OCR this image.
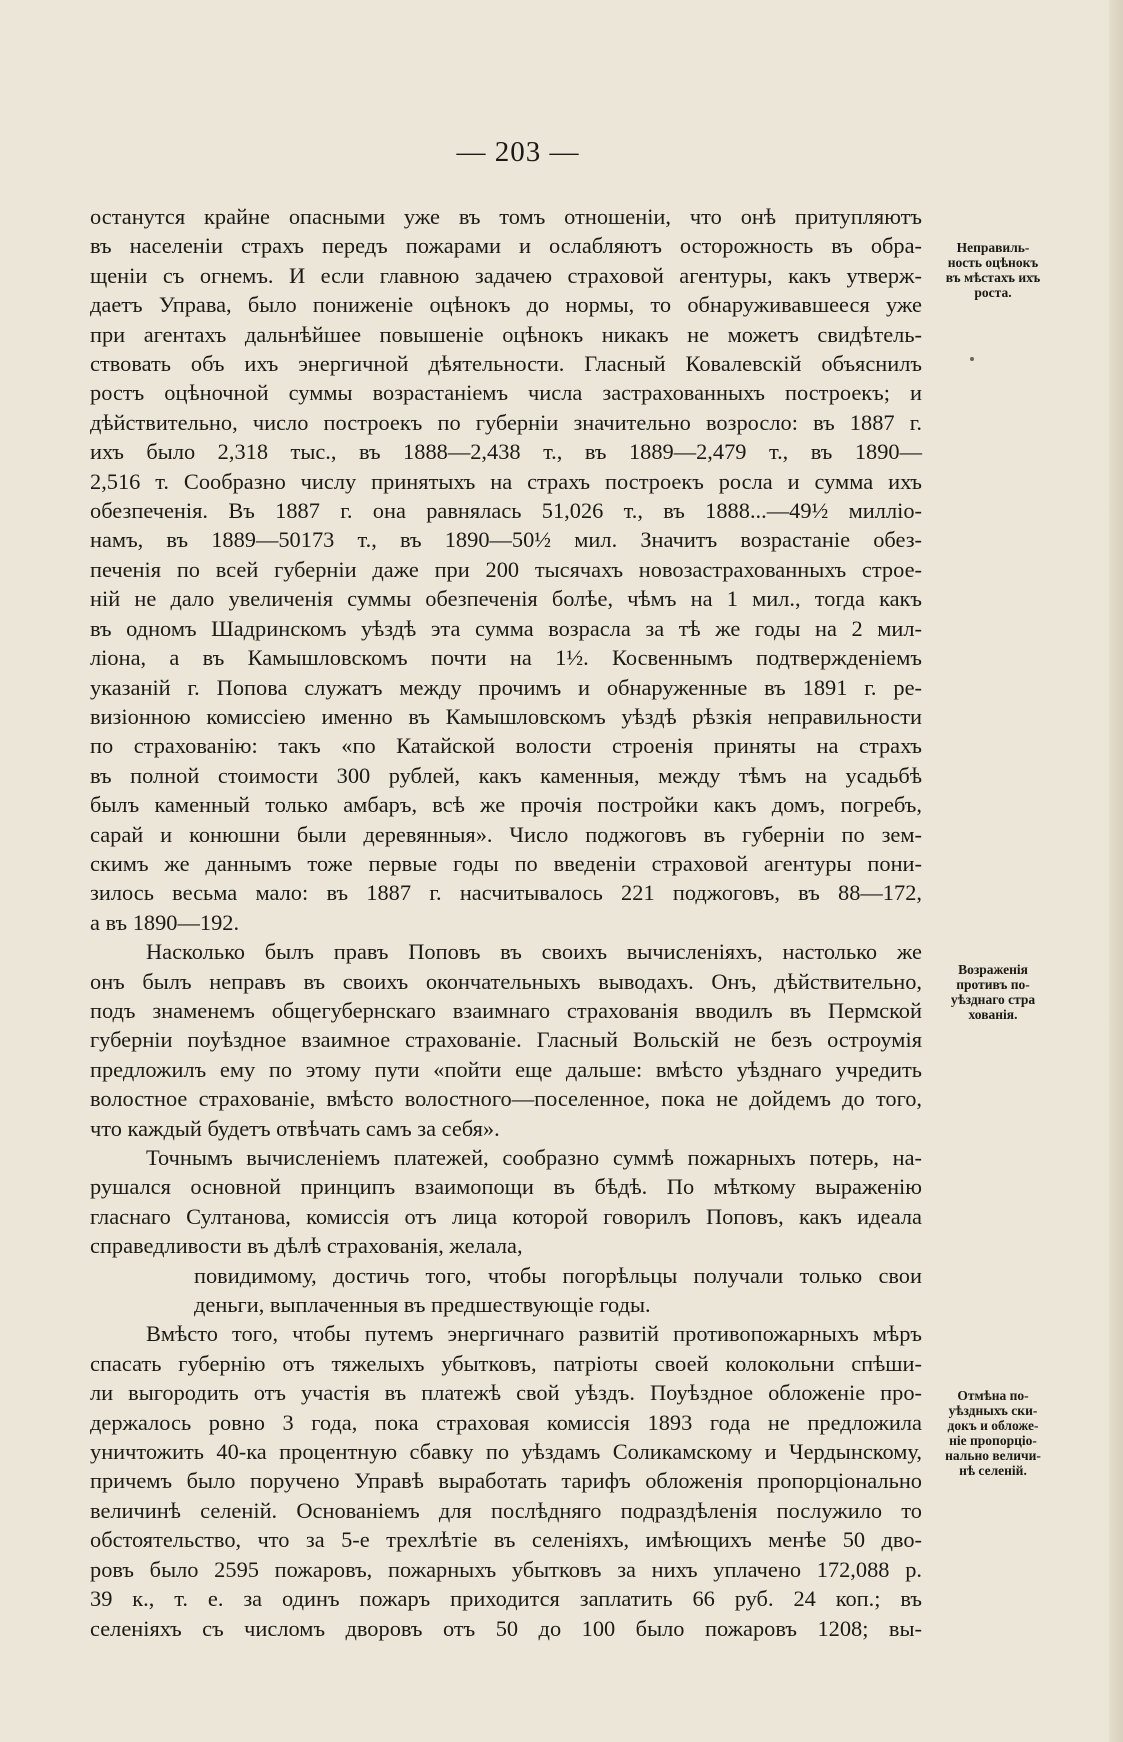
— 203 —

останутся крайне опасными уже въ томъ отношеніи, что онѣ притупляютъ

въ населеніи страхъ передъ пожарами и ослабляютъ осторожность въ обра-

щеніи съ огнемъ. И если главною задачею страховой агентуры, какъ утверж-

даетъ Управа, было пониженіе оцѣнокъ до нормы, то обнаруживавшееся уже

при агентахъ дальнѣйшее повышеніе оцѣнокъ никакъ не можетъ свидѣтель-

ствовать объ ихъ энергичной дѣятельности. Гласный Ковалевскій объяснилъ

ростъ оцѣночной суммы возрастаніемъ числа застрахованныхъ построекъ; и

дѣйствительно, число построекъ по губерніи значительно возросло: въ 1887 г.

ихъ было 2,318 тыс., въ 1888—2,438 т., въ 1889—2,479 т., въ 1890—

2,516 т. Сообразно числу принятыхъ на страхъ построекъ росла и сумма ихъ

обезпеченія. Въ 1887 г. она равнялась 51,026 т., въ 1888...—49½ милліо-

намъ, въ 1889—50173 т., въ 1890—50½ мил. Значитъ возрастаніе обез-

печенія по всей губерніи даже при 200 тысячахъ новозастрахованныхъ строе-

ній не дало увеличенія суммы обезпеченія болѣе, чѣмъ на 1 мил., тогда какъ

въ одномъ Шадринскомъ уѣздѣ эта сумма возрасла за тѣ же годы на 2 мил-

ліона, а въ Камышловскомъ почти на 1½. Косвеннымъ подтвержденіемъ

указаній г. Попова служатъ между прочимъ и обнаруженные въ 1891 г. ре-

визіонною комиссіею именно въ Камышловскомъ уѣздѣ рѣзкія неправильности

по страхованію: такъ «по Катайской волости строенія приняты на страхъ

въ полной стоимости 300 рублей, какъ каменныя, между тѣмъ на усадьбѣ

былъ каменный только амбаръ, всѣ же прочія постройки какъ домъ, погребъ,

сарай и конюшни были деревянныя». Число поджоговъ въ губерніи по зем-

скимъ же даннымъ тоже первые годы по введеніи страховой агентуры пони-

зилось весьма мало: въ 1887 г. насчитывалось 221 поджоговъ, въ 88—172,

а въ 1890—192.

Насколько былъ правъ Поповъ въ своихъ вычисленіяхъ, настолько же

онъ былъ неправъ въ своихъ окончательныхъ выводахъ. Онъ, дѣйствительно,

подъ знаменемъ общегубернскаго взаимнаго страхованія вводилъ въ Пермской

губерніи поуѣздное взаимное страхованіе. Гласный Вольскій не безъ остроумія

предложилъ ему по этому пути «пойти еще дальше: вмѣсто уѣзднаго учредить

волостное страхованіе, вмѣсто волостного—поселенное, пока не дойдемъ до того,

что каждый будетъ отвѣчать самъ за себя».

Точнымъ вычисленіемъ платежей, сообразно суммѣ пожарныхъ потерь, на-

рушался основной принципъ взаимопощи въ бѣдѣ. По мѣткому выраженію

гласнаго Султанова, комиссія отъ лица которой говорилъ Поповъ, какъ идеала

справедливости въ дѣлѣ страхованія, желала,

повидимому, достичь того, чтобы погорѣльцы получали только свои

деньги, выплаченныя въ предшествующіе годы.

Вмѣсто того, чтобы путемъ энергичнаго развитій противопожарныхъ мѣръ

спасать губернію отъ тяжелыхъ убытковъ, патріоты своей колокольни спѣши-

ли выгородить отъ участія въ платежѣ свой уѣздъ. Поуѣздное обложеніе про-

держалось ровно 3 года, пока страховая комиссія 1893 года не предложила

уничтожить 40-ка процентную сбавку по уѣздамъ Соликамскому и Чердынскому,

причемъ было поручено Управѣ выработать тарифъ обложенія пропорціонально

величинѣ селеній. Основаніемъ для послѣдняго подраздѣленія послужило то

обстоятельство, что за 5-е трехлѣтіе въ селеніяхъ, имѣющихъ менѣе 50 дво-

ровъ было 2595 пожаровъ, пожарныхъ убытковъ за нихъ уплачено 172,088 р.

39 к., т. е. за одинъ пожаръ приходится заплатить 66 руб. 24 коп.; въ

селеніяхъ съ числомъ дворовъ отъ 50 до 100 было пожаровъ 1208; вы-

Неправиль-
ность оцѣнокъ
въ мѣстахъ ихъ
роста.
Возраженія
противъ по-
уѣзднаго стра
хованія.
Отмѣна по-
уѣздныхъ ски-
докъ и обложе-
ніе пропорціо-
нально величи-
нѣ селеній.
